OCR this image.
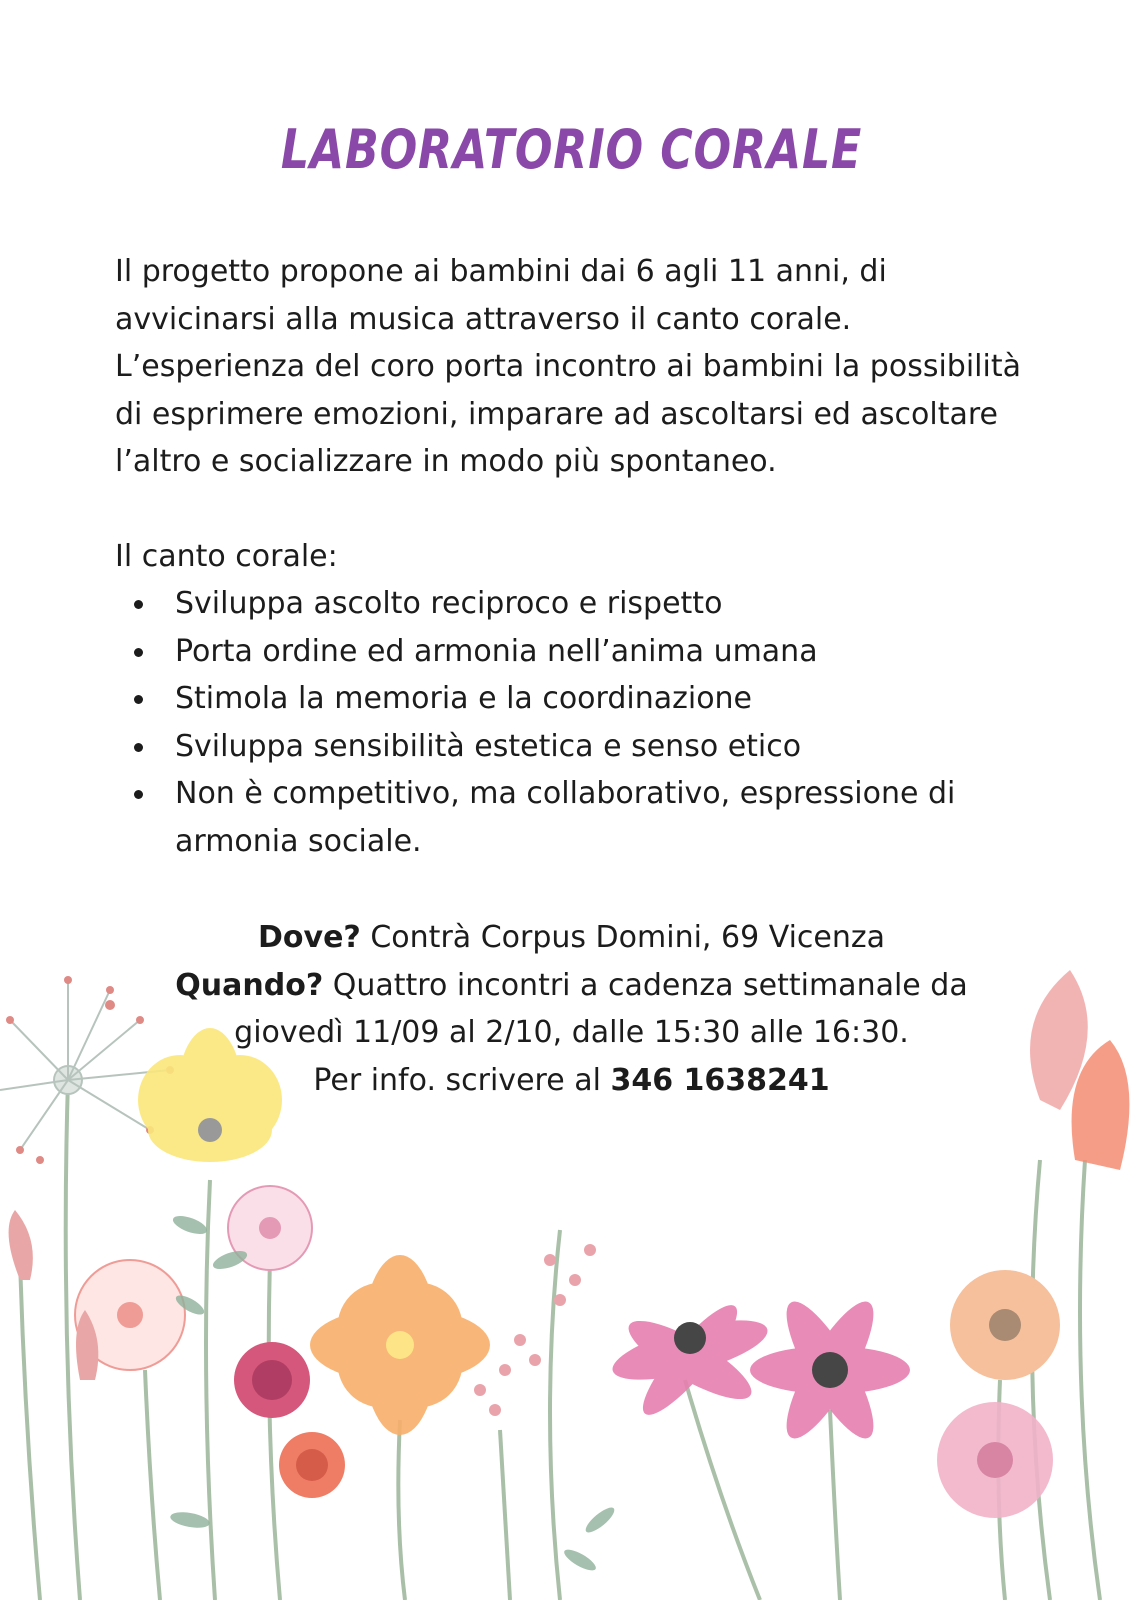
LABORATORIO CORALE

Il progetto propone ai bambini dai 6 agli 11 anni, di avvicinarsi alla musica attraverso il canto corale. L’esperienza del coro porta incontro ai bambini la possibilità di esprimere emozioni, imparare ad ascoltarsi ed ascoltare l’altro e socializzare in modo più spontaneo.

Il canto corale:

Sviluppa ascolto reciproco e rispetto
Porta ordine ed armonia nell’anima umana
Stimola la memoria e la coordinazione
Sviluppa sensibilità estetica e senso etico
Non è competitivo, ma collaborativo, espressione di armonia sociale.

Dove? Contrà Corpus Domini, 69 Vicenza

Quando? Quattro incontri a cadenza settimanale da

giovedì 11/09 al 2/10, dalle 15:30 alle 16:30.

Per info. scrivere al 346 1638241
